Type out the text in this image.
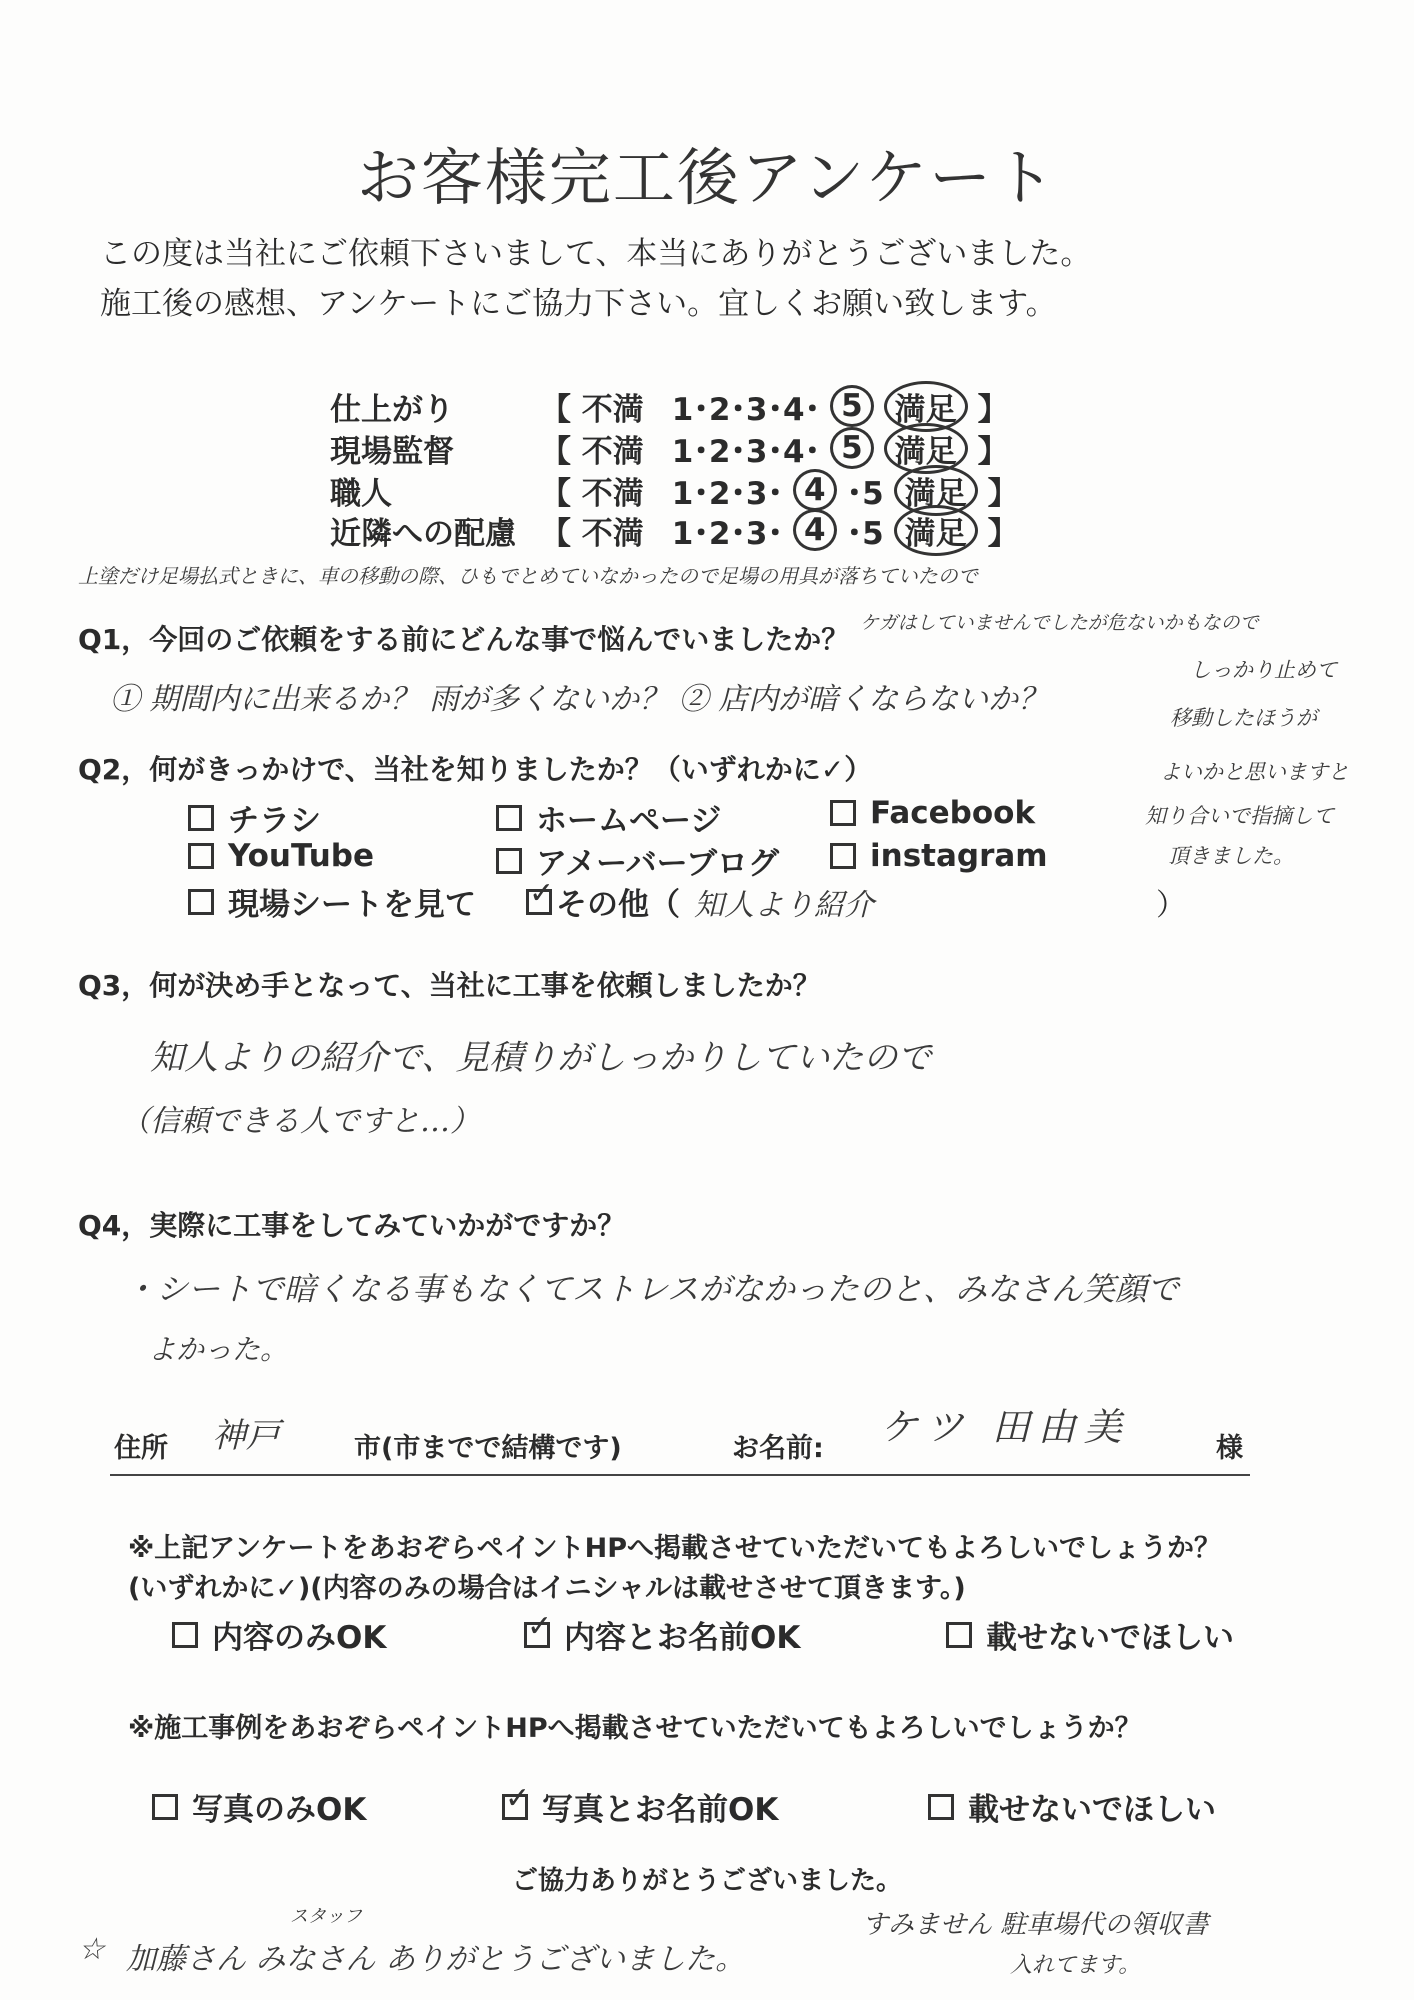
お客様完工後アンケート
この度は当社にご依頼下さいまして、本当にありがとうございました。
施工後の感想、アンケートにご協力下さい。宜しくお願い致します。
仕上がり	【 不満 1･2･3･4･ 5	満足 】
現場監督	【 不満 1･2･3･4･ 5	満足 】
職人	【 不満 1･2･3･ 4 ･5 満足 】
近隣への配慮 【 不満 1･2･3･ 4 ･5 満足 】
上塗だけ足場払式ときに、車の移動の際、ひもでとめていなかったので足場の用具が落ちていたので
ケガはしていませんでしたが危ないかもなので
しっかり止めて
移動したほうが
よいかと思いますと
知り合いで指摘して
頂きました。
Q1，今回のご依頼をする前にどんな事で悩んでいましたか？
① 期間内に出来るか？ 雨が多くないか？ ② 店内が暗くならないか？
Q2，何がきっかけで、当社を知りましたか？（いずれかに✓）
チラシ	ホームページ	Facebook
YouTube	アメーバーブログ	instagram
現場シートを見て ✓	その他（ 知人より紹介	）
Q3，何が決め手となって、当社に工事を依頼しましたか？
知人よりの紹介で、見積りがしっかりしていたので
（信頼できる人ですと…）
Q4，実際に工事をしてみていかがですか？
・シートで暗くなる事もなくてストレスがなかったのと、みなさん笑顔で
よかった。
住所 神戸	市(市までで結構です)	お名前: ケツ 田由美	様
※上記アンケートをあおぞらペイントHPへ掲載させていただいてもよろしいでしょうか？
(いずれかに✓)(内容のみの場合はイニシャルは載せさせて頂きます。)
内容のみOK ✓	内容とお名前OK	載せないでほしい
※施工事例をあおぞらペイントHPへ掲載させていただいてもよろしいでしょうか？
写真のみOK ✓	写真とお名前OK	載せないでほしい
ご協力ありがとうございました。
☆ 加藤さん みなさん ありがとうございました。
スタッフ	すみません 駐車場代の領収書
入れてます。
